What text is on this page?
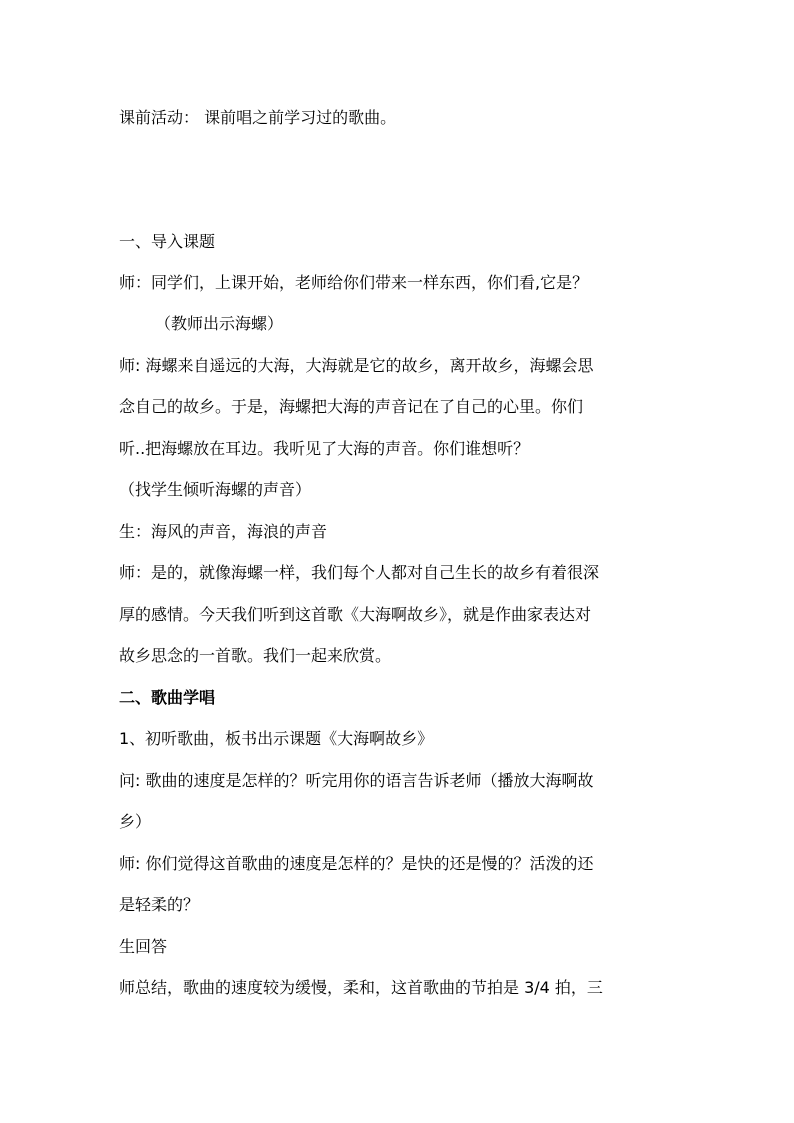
课前活动： 课前唱之前学习过的歌曲。
一、导入课题
师：同学们，上课开始，老师给你们带来一样东西，你们看,它是？
（教师出示海螺）
师: 海螺来自遥远的大海，大海就是它的故乡，离开故乡，海螺会思
念自己的故乡。于是，海螺把大海的声音记在了自己的心里。你们
听..把海螺放在耳边。我听见了大海的声音。你们谁想听？
（找学生倾听海螺的声音）
生：海风的声音，海浪的声音
师：是的，就像海螺一样，我们每个人都对自己生长的故乡有着很深
厚的感情。今天我们听到这首歌《大海啊故乡》，就是作曲家表达对
故乡思念的一首歌。我们一起来欣赏。
二、歌曲学唱
1、初听歌曲，板书出示课题《大海啊故乡》
问: 歌曲的速度是怎样的？听完用你的语言告诉老师（播放大海啊故
乡）
师: 你们觉得这首歌曲的速度是怎样的？是快的还是慢的？活泼的还
是轻柔的？
生回答
师总结，歌曲的速度较为缓慢，柔和，这首歌曲的节拍是 3/4 拍，三
